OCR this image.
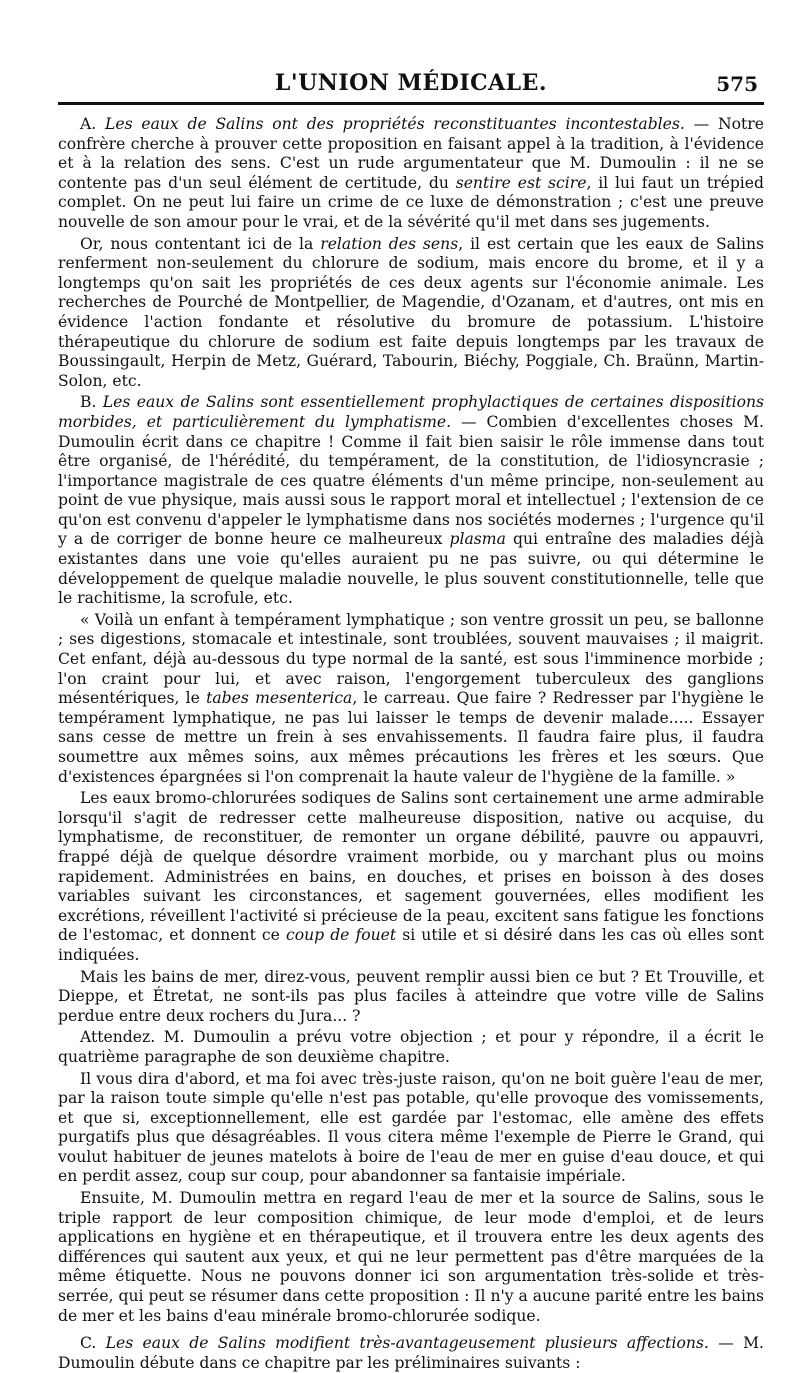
L'UNION MÉDICALE.	575

A. Les eaux de Salins ont des propriétés reconstituantes incontestables. — Notre confrère cherche à prouver cette proposition en faisant appel à la tradition, à l'évidence et à la relation des sens. C'est un rude argumentateur que M. Dumoulin : il ne se contente pas d'un seul élément de certitude, du sentire est scire, il lui faut un trépied complet. On ne peut lui faire un crime de ce luxe de démonstration ; c'est une preuve nouvelle de son amour pour le vrai, et de la sévérité qu'il met dans ses jugements.

Or, nous contentant ici de la relation des sens, il est certain que les eaux de Salins renferment non-seulement du chlorure de sodium, mais encore du brome, et il y a longtemps qu'on sait les propriétés de ces deux agents sur l'économie animale. Les recherches de Pourché de Montpellier, de Magendie, d'Ozanam, et d'autres, ont mis en évidence l'action fondante et résolutive du bromure de potassium. L'histoire thérapeutique du chlorure de sodium est faite depuis longtemps par les travaux de Boussingault, Herpin de Metz, Guérard, Tabourin, Biéchy, Poggiale, Ch. Braünn, Martin-Solon, etc.

B. Les eaux de Salins sont essentiellement prophylactiques de certaines dispositions morbides, et particulièrement du lymphatisme. — Combien d'excellentes choses M. Dumoulin écrit dans ce chapitre ! Comme il fait bien saisir le rôle immense dans tout être organisé, de l'hérédité, du tempérament, de la constitution, de l'idiosyncrasie ; l'importance magistrale de ces quatre éléments d'un même principe, non-seulement au point de vue physique, mais aussi sous le rapport moral et intellectuel ; l'extension de ce qu'on est convenu d'appeler le lymphatisme dans nos sociétés modernes ; l'urgence qu'il y a de corriger de bonne heure ce malheureux plasma qui entraîne des maladies déjà existantes dans une voie qu'elles auraient pu ne pas suivre, ou qui détermine le développement de quelque maladie nouvelle, le plus souvent constitutionnelle, telle que le rachitisme, la scrofule, etc.

« Voilà un enfant à tempérament lymphatique ; son ventre grossit un peu, se ballonne ; ses digestions, stomacale et intestinale, sont troublées, souvent mauvaises ; il maigrit. Cet enfant, déjà au-dessous du type normal de la santé, est sous l'imminence morbide ; l'on craint pour lui, et avec raison, l'engorgement tuberculeux des ganglions mésentériques, le tabes mesenterica, le carreau. Que faire ? Redresser par l'hygiène le tempérament lymphatique, ne pas lui laisser le temps de devenir malade..... Essayer sans cesse de mettre un frein à ses envahissements. Il faudra faire plus, il faudra soumettre aux mêmes soins, aux mêmes précautions les frères et les sœurs. Que d'existences épargnées si l'on comprenait la haute valeur de l'hygiène de la famille. »

Les eaux bromo-chlorurées sodiques de Salins sont certainement une arme admirable lorsqu'il s'agit de redresser cette malheureuse disposition, native ou acquise, du lymphatisme, de reconstituer, de remonter un organe débilité, pauvre ou appauvri, frappé déjà de quelque désordre vraiment morbide, ou y marchant plus ou moins rapidement. Administrées en bains, en douches, et prises en boisson à des doses variables suivant les circonstances, et sagement gouvernées, elles modifient les excrétions, réveillent l'activité si précieuse de la peau, excitent sans fatigue les fonctions de l'estomac, et donnent ce coup de fouet si utile et si désiré dans les cas où elles sont indiquées.

Mais les bains de mer, direz-vous, peuvent remplir aussi bien ce but ? Et Trouville, et Dieppe, et Étretat, ne sont-ils pas plus faciles à atteindre que votre ville de Salins perdue entre deux rochers du Jura... ?

Attendez. M. Dumoulin a prévu votre objection ; et pour y répondre, il a écrit le quatrième paragraphe de son deuxième chapitre.

Il vous dira d'abord, et ma foi avec très-juste raison, qu'on ne boit guère l'eau de mer, par la raison toute simple qu'elle n'est pas potable, qu'elle provoque des vomissements, et que si, exceptionnellement, elle est gardée par l'estomac, elle amène des effets purgatifs plus que désagréables. Il vous citera même l'exemple de Pierre le Grand, qui voulut habituer de jeunes matelots à boire de l'eau de mer en guise d'eau douce, et qui en perdit assez, coup sur coup, pour abandonner sa fantaisie impériale.

Ensuite, M. Dumoulin mettra en regard l'eau de mer et la source de Salins, sous le triple rapport de leur composition chimique, de leur mode d'emploi, et de leurs applications en hygiène et en thérapeutique, et il trouvera entre les deux agents des différences qui sautent aux yeux, et qui ne leur permettent pas d'être marquées de la même étiquette. Nous ne pouvons donner ici son argumentation très-solide et très-serrée, qui peut se résumer dans cette proposition : Il n'y a aucune parité entre les bains de mer et les bains d'eau minérale bromo-chlorurée sodique.

C. Les eaux de Salins modifient très-avantageusement plusieurs affections. — M. Dumoulin débute dans ce chapitre par les préliminaires suivants :
